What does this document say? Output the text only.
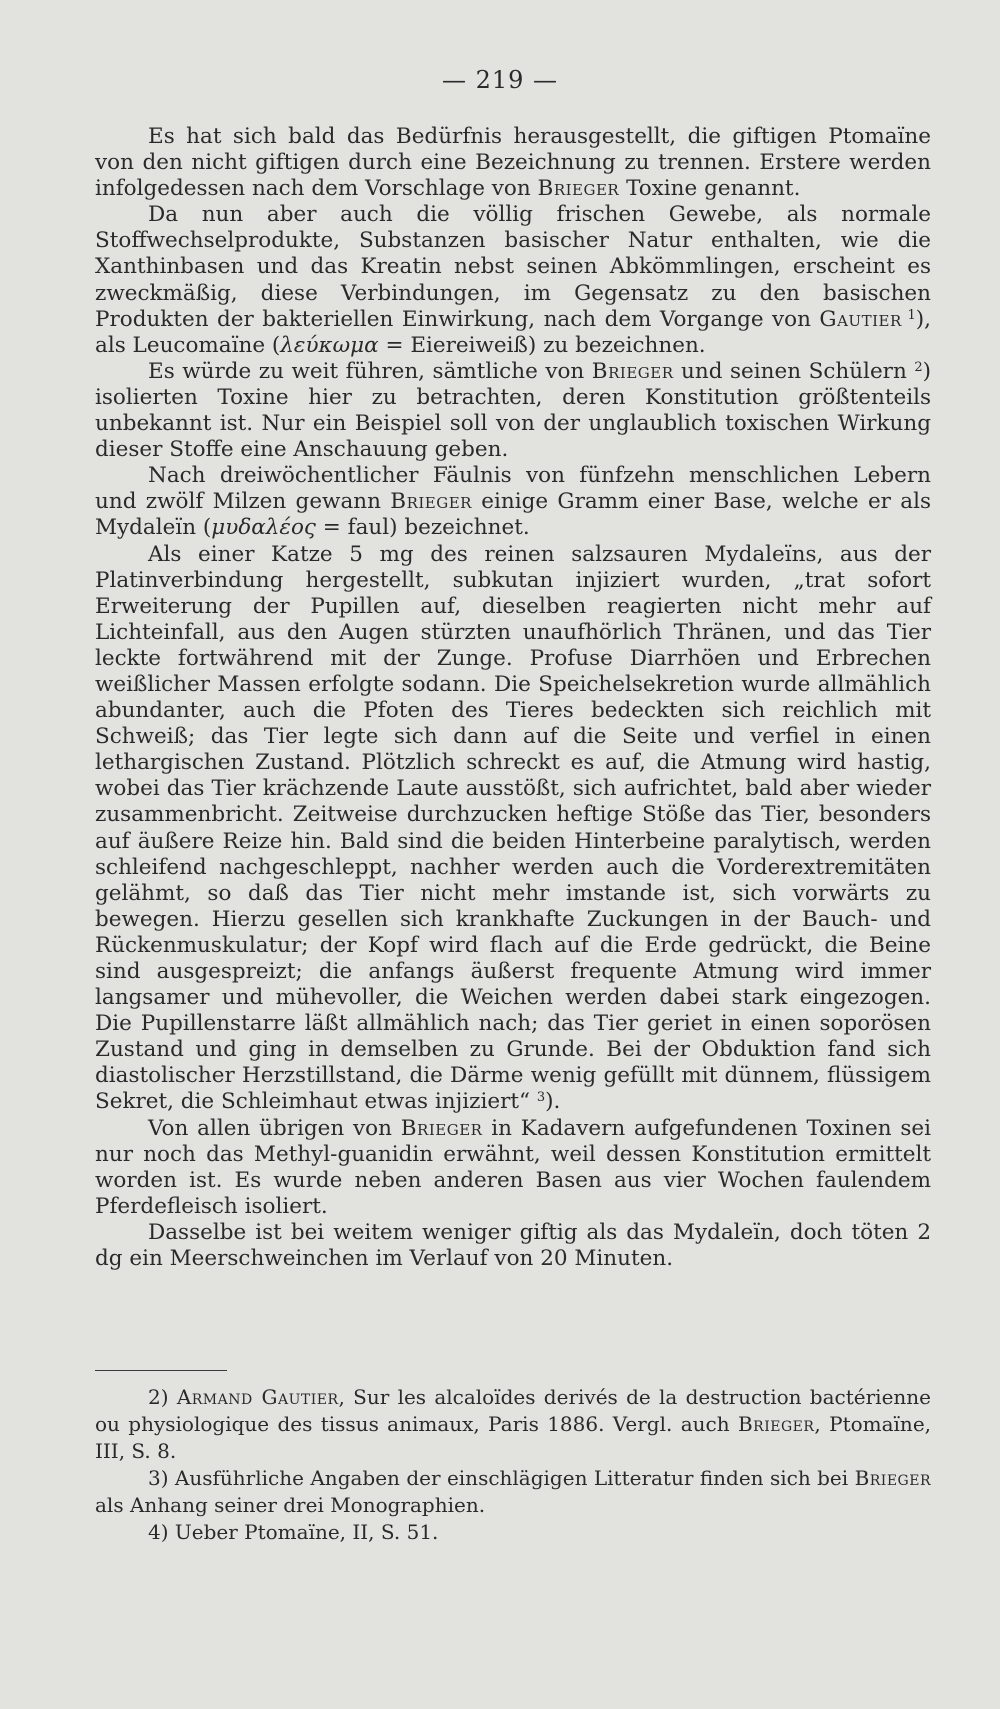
— 219 —

Es hat sich bald das Bedürfnis herausgestellt, die giftigen Ptomaïne von den nicht giftigen durch eine Bezeichnung zu trennen. Erstere werden infolgedessen nach dem Vorschlage von Brieger Toxine genannt.

Da nun aber auch die völlig frischen Gewebe, als normale Stoffwechselprodukte, Substanzen basischer Natur enthalten, wie die Xanthinbasen und das Kreatin nebst seinen Abkömmlingen, erscheint es zweckmäßig, diese Verbindungen, im Gegensatz zu den basischen Produkten der bakteriellen Einwirkung, nach dem Vorgange von Gautier $^1$), als Leucomaïne (λεύκωμα = Eiereiweiß) zu bezeichnen.

Es würde zu weit führen, sämtliche von Brieger und seinen Schülern $^2$) isolierten Toxine hier zu betrachten, deren Konstitution größtenteils unbekannt ist. Nur ein Beispiel soll von der unglaublich toxischen Wirkung dieser Stoffe eine Anschauung geben.

Nach dreiwöchentlicher Fäulnis von fünfzehn menschlichen Lebern und zwölf Milzen gewann Brieger einige Gramm einer Base, welche er als Mydaleïn (μυδαλέος = faul) bezeichnet.

Als einer Katze 5 mg des reinen salzsauren Mydaleïns, aus der Platinverbindung hergestellt, subkutan injiziert wurden, „trat sofort Erweiterung der Pupillen auf, dieselben reagierten nicht mehr auf Lichteinfall, aus den Augen stürzten unaufhörlich Thränen, und das Tier leckte fortwährend mit der Zunge. Profuse Diarrhöen und Erbrechen weißlicher Massen erfolgte sodann. Die Speichelsekretion wurde allmählich abundanter, auch die Pfoten des Tieres bedeckten sich reichlich mit Schweiß; das Tier legte sich dann auf die Seite und verfiel in einen lethargischen Zustand. Plötzlich schreckt es auf, die Atmung wird hastig, wobei das Tier krächzende Laute ausstößt, sich aufrichtet, bald aber wieder zusammenbricht. Zeitweise durchzucken heftige Stöße das Tier, besonders auf äußere Reize hin. Bald sind die beiden Hinterbeine paralytisch, werden schleifend nachgeschleppt, nachher werden auch die Vorderextremitäten gelähmt, so daß das Tier nicht mehr imstande ist, sich vorwärts zu bewegen. Hierzu gesellen sich krankhafte Zuckungen in der Bauch- und Rückenmuskulatur; der Kopf wird flach auf die Erde gedrückt, die Beine sind ausgespreizt; die anfangs äußerst frequente Atmung wird immer langsamer und mühevoller, die Weichen werden dabei stark eingezogen. Die Pupillenstarre läßt allmählich nach; das Tier geriet in einen soporösen Zustand und ging in demselben zu Grunde. Bei der Obduktion fand sich diastolischer Herzstillstand, die Därme wenig gefüllt mit dünnem, flüssigem Sekret, die Schleimhaut etwas injiziert“ $^3$).

Von allen übrigen von Brieger in Kadavern aufgefundenen Toxinen sei nur noch das Methyl-guanidin erwähnt, weil dessen Konstitution ermittelt worden ist. Es wurde neben anderen Basen aus vier Wochen faulendem Pferdefleisch isoliert.

Dasselbe ist bei weitem weniger giftig als das Mydaleïn, doch töten 2 dg ein Meerschweinchen im Verlauf von 20 Minuten.

2) Armand Gautier, Sur les alcaloïdes derivés de la destruction bactérienne ou physiologique des tissus animaux, Paris 1886. Vergl. auch Brieger, Ptomaïne, III, S. 8.

3) Ausführliche Angaben der einschlägigen Litteratur finden sich bei Brieger als Anhang seiner drei Monographien.

4) Ueber Ptomaïne, II, S. 51.
